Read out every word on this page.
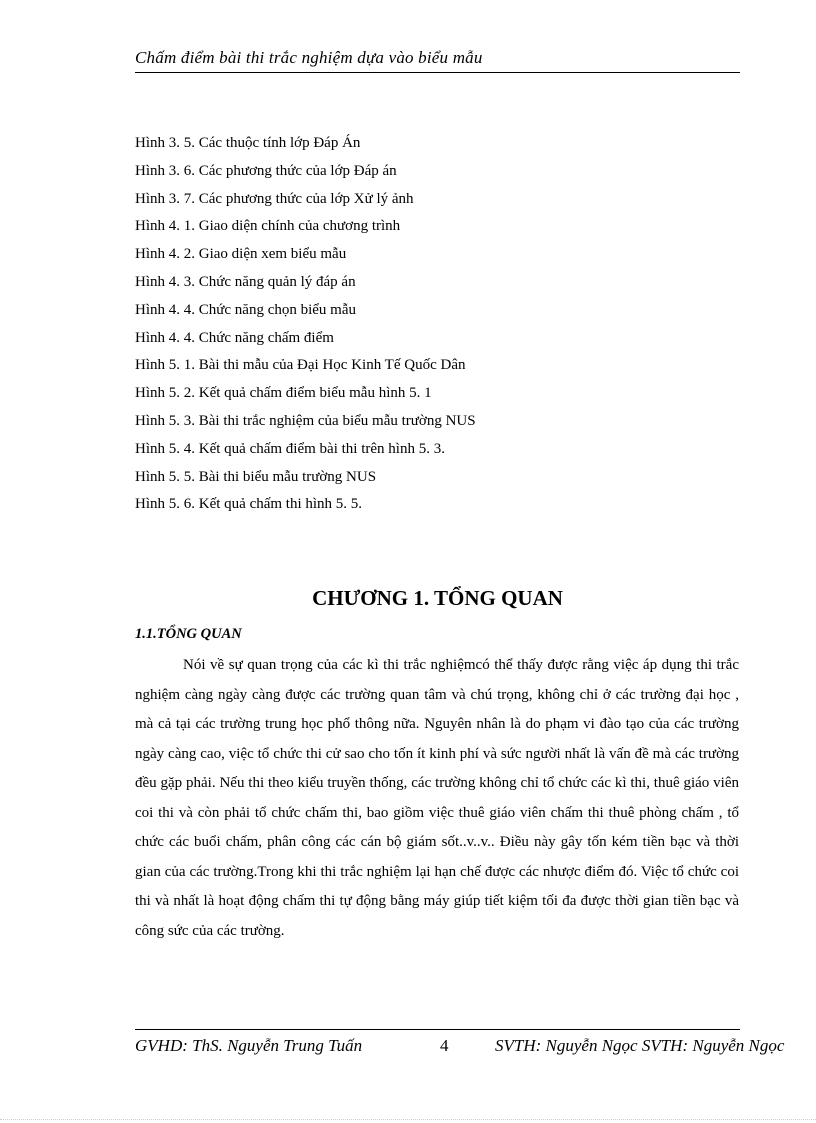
Chấm điểm bài thi trắc nghiệm dựa vào biểu mẫu
Hình 3. 5. Các thuộc tính lớp Đáp Án
Hình 3. 6. Các phương thức của lớp Đáp án
Hình 3. 7. Các phương thức của lớp Xử lý ảnh
Hình 4. 1. Giao diện chính của chương trình
Hình 4. 2. Giao diện xem biểu mẫu
Hình 4. 3. Chức năng quản lý đáp án
Hình 4. 4. Chức năng chọn biểu mẫu
Hình 4. 4. Chức năng chấm điểm
Hình 5. 1. Bài thi mẫu của Đại Học Kinh Tế Quốc Dân
Hình 5. 2. Kết quả chấm điểm biểu mẫu hình 5. 1
Hình 5. 3. Bài thi trắc nghiệm của biểu mẫu trường NUS
Hình 5. 4. Kết quả chấm điểm bài thi trên hình 5. 3.
Hình 5. 5. Bài thi biểu mẫu trường NUS
Hình 5. 6. Kết quả chấm thi hình 5. 5.
CHƯƠNG 1. TỔNG QUAN
1.1.TỔNG QUAN

Nói về sự quan trọng của các kì thi trắc nghiệmcó thể thấy được rằng việc áp dụng thi trắc nghiệm càng ngày càng được các trường quan tâm và chú trọng, không chỉ ở các trường đại học , mà cả tại các trường trung học phổ thông nữa. Nguyên nhân là do phạm vi đào tạo của các trường ngày càng cao, việc tổ chức thi cử sao cho tốn ít kinh phí và sức người nhất là vấn đề mà các trường đều gặp phải. Nếu thi theo kiểu truyền thống, các trường không chỉ tổ chức các kì thi, thuê giáo viên coi thi và còn phải tổ chức chấm thi, bao giồm việc thuê giáo viên chấm thi thuê phòng chấm , tổ chức các buổi chấm, phân công các cán bộ giám sốt..v..v.. Điều này gây tốn kém tiền bạc và thời gian của các trường.Trong khi thi trắc nghiệm lại hạn chế được các nhược điểm đó. Việc tổ chức coi thi và nhất là hoạt động chấm thi tự động bằng máy giúp tiết kiệm tối đa được thời gian tiền bạc và công sức của các trường.

GVHD: ThS. Nguyễn Trung Tuấn	4	SVTH: Nguyễn Ngọc SVTH: Nguyễn Ngọc
